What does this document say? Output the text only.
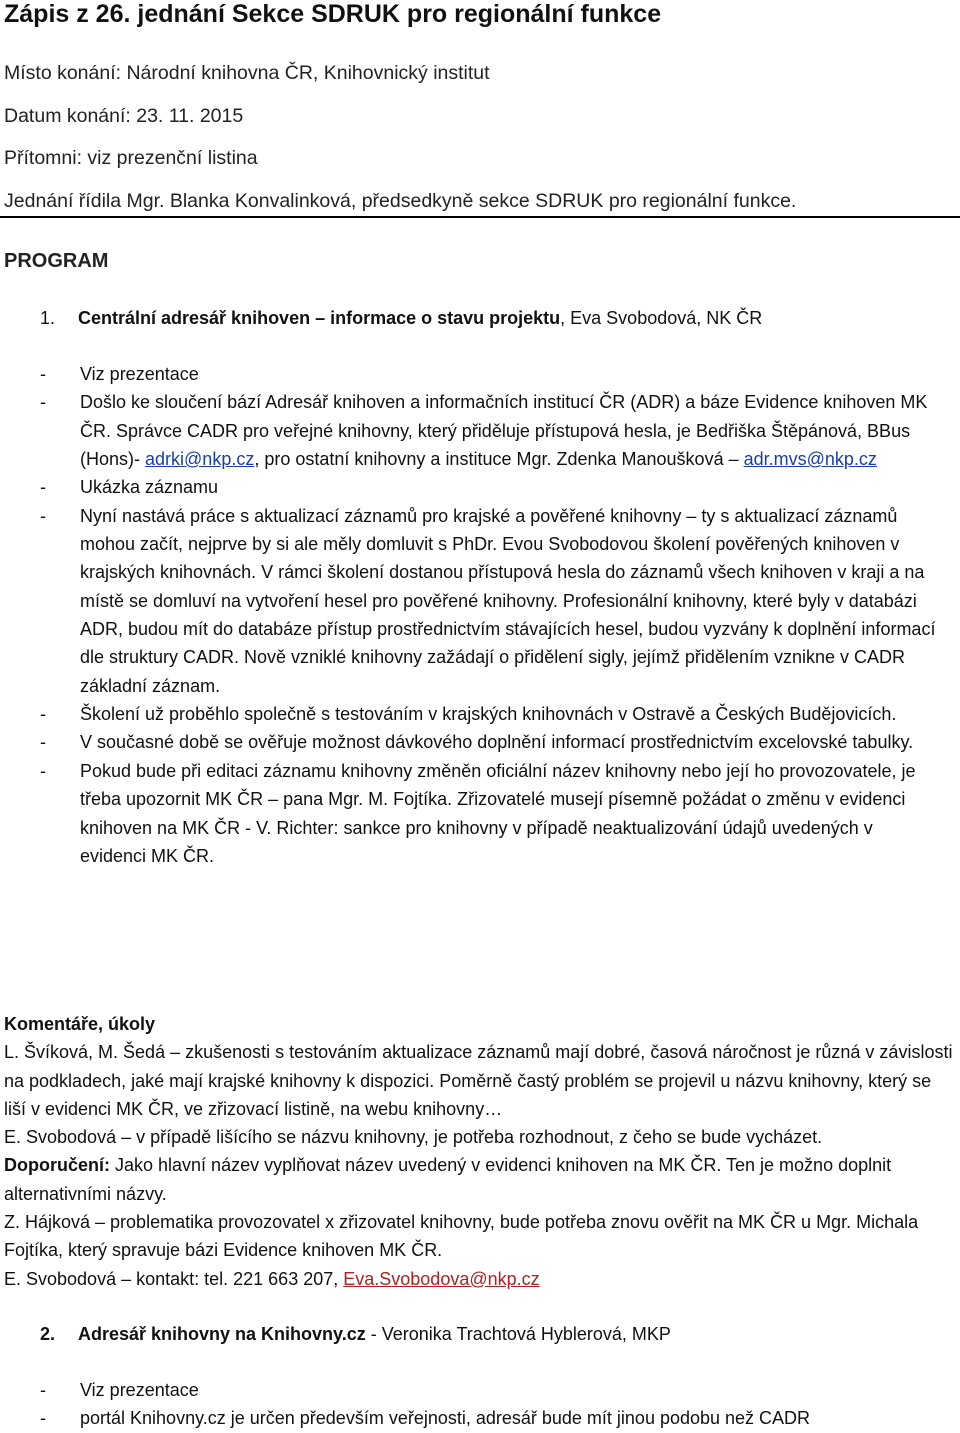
Zápis z 26. jednání Sekce SDRUK pro regionální funkce
Místo konání: Národní knihovna ČR, Knihovnický institut
Datum konání: 23. 11. 2015
Přítomni: viz prezenční listina
Jednání řídila Mgr. Blanka Konvalinková, předsedkyně sekce SDRUK pro regionální funkce.
PROGRAM
1. Centrální adresář knihoven – informace o stavu projektu, Eva Svobodová, NK ČR
- Viz prezentace
- Došlo ke sloučení bází Adresář knihoven a informačních institucí ČR (ADR) a báze Evidence knihoven MK ČR. Správce CADR pro veřejné knihovny, který přiděluje přístupová hesla, je Bedřiška Štěpánová, BBus (Hons)- adrki@nkp.cz, pro ostatní knihovny a instituce Mgr. Zdenka Manoušková – adr.mvs@nkp.cz
- Ukázka záznamu
- Nyní nastává práce s aktualizací záznamů pro krajské a pověřené knihovny – ty s aktualizací záznamů mohou začít, nejprve by si ale měly domluvit s PhDr. Evou Svobodovou školení pověřených knihoven v krajských knihovnách. V rámci školení dostanou přístupová hesla do záznamů všech knihoven v kraji a na místě se domluví na vytvoření hesel pro pověřené knihovny. Profesionální knihovny, které byly v databázi ADR, budou mít do databáze přístup prostřednictvím stávajících hesel, budou vyzvány k doplnění informací dle struktury CADR. Nově vzniklé knihovny zažádají o přidělení sigly, jejímž přidělením vznikne v CADR základní záznam.
- Školení už proběhlo společně s testováním v krajských knihovnách v Ostravě a Českých Budějovicích.
- V současné době se ověřuje možnost dávkového doplnění informací prostřednictvím excelovské tabulky.
- Pokud bude při editaci záznamu knihovny změněn oficiální název knihovny nebo její ho provozovatele, je třeba upozornit MK ČR – pana Mgr. M. Fojtíka. Zřizovatelé musejí písemně požádat o změnu v evidenci knihoven na MK ČR - V. Richter: sankce pro knihovny v případě neaktualizování údajů uvedených v evidenci MK ČR.

Komentáře, úkoly

L. Švíková, M. Šedá – zkušenosti s testováním aktualizace záznamů mají dobré, časová náročnost je různá v závislosti na podkladech, jaké mají krajské knihovny k dispozici. Poměrně častý problém se projevil u názvu knihovny, který se liší v evidenci MK ČR, ve zřizovací listině, na webu knihovny…

E. Svobodová – v případě lišícího se názvu knihovny, je potřeba rozhodnout, z čeho se bude vycházet.

Doporučení: Jako hlavní název vyplňovat název uvedený v evidenci knihoven na MK ČR. Ten je možno doplnit alternativními názvy.

Z. Hájková – problematika provozovatel x zřizovatel knihovny, bude potřeba znovu ověřit na MK ČR u Mgr. Michala Fojtíka, který spravuje bázi Evidence knihoven MK ČR.

E. Svobodová – kontakt: tel. 221 663 207, Eva.Svobodova@nkp.cz

2. Adresář knihovny na Knihovny.cz - Veronika Trachtová Hyblerová, MKP
- Viz prezentace
- portál Knihovny.cz je určen především veřejnosti, adresář bude mít jinou podobu než CADR
